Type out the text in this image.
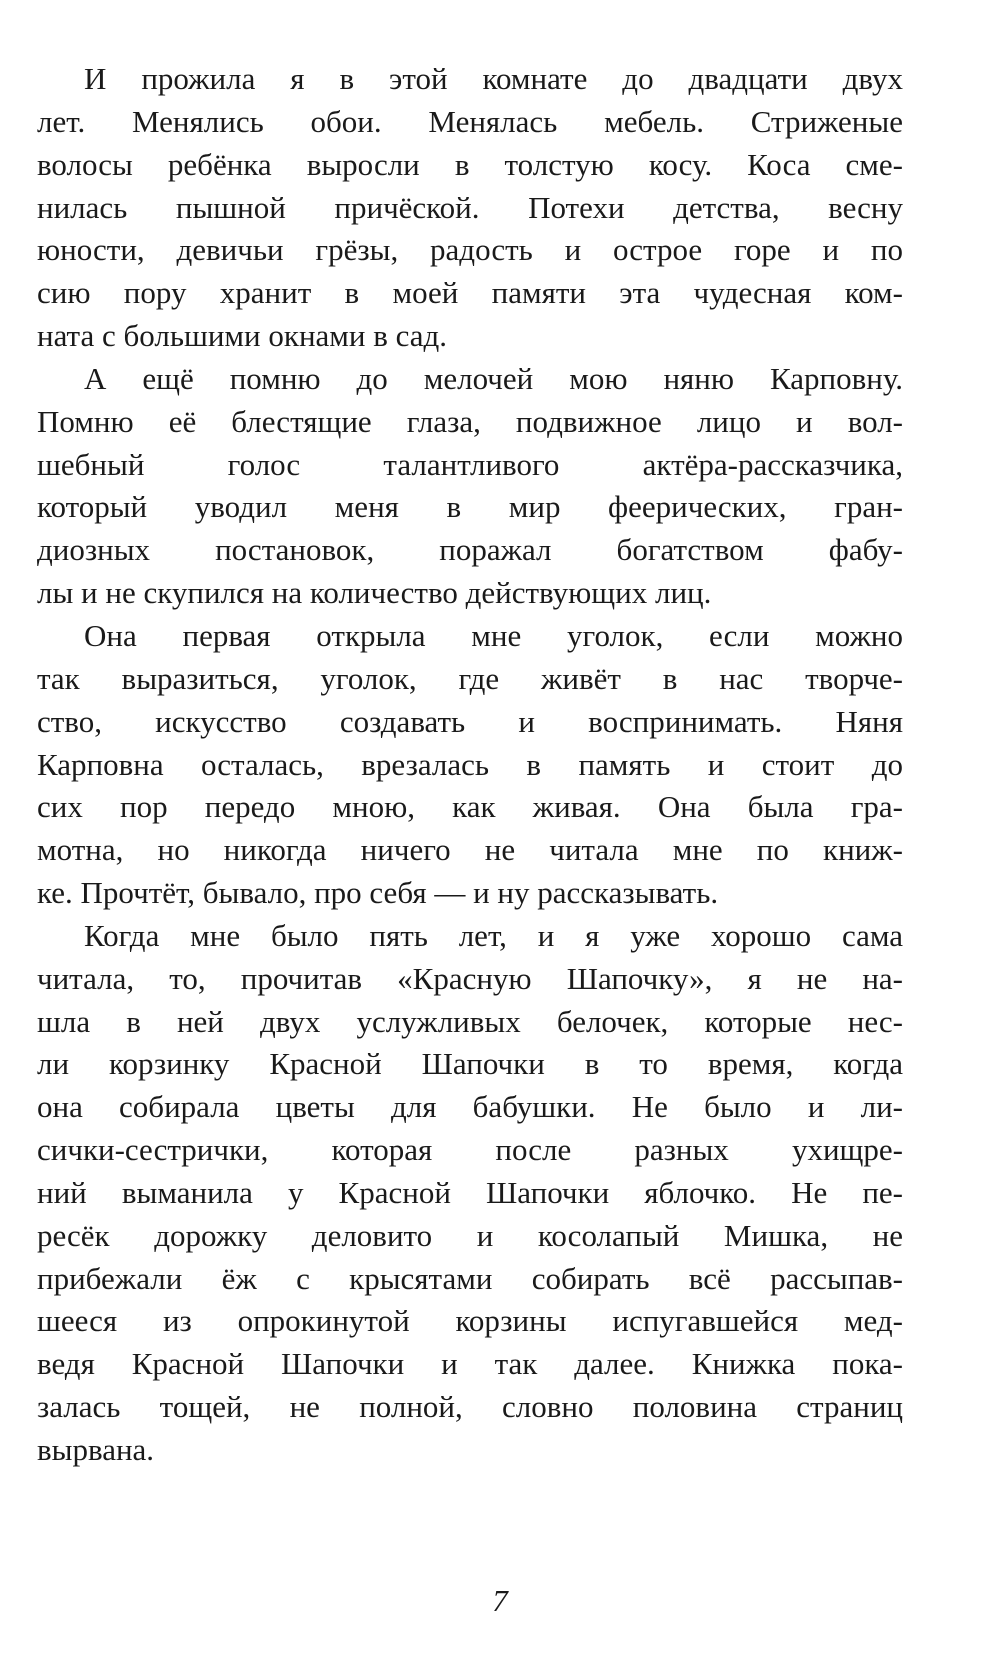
И прожила я в этой комнате до двадцати двух
лет. Менялись обои. Менялась мебель. Стриженые
волосы ребёнка выросли в толстую косу. Коса сме-
нилась пышной причёской. Потехи детства, весну
юности, девичьи грёзы, радость и острое горе и по
сию пору хранит в моей памяти эта чудесная ком-
ната с большими окнами в сад.
А ещё помню до мелочей мою няню Карповну.
Помню её блестящие глаза, подвижное лицо и вол-
шебный голос талантливого актёра-рассказчика,
который уводил меня в мир феерических, гран-
диозных постановок, поражал богатством фабу-
лы и не скупился на количество действующих лиц.
Она первая открыла мне уголок, если можно
так выразиться, уголок, где живёт в нас творче-
ство, искусство создавать и воспринимать. Няня
Карповна осталась, врезалась в память и стоит до
сих пор передо мною, как живая. Она была гра-
мотна, но никогда ничего не читала мне по книж-
ке. Прочтёт, бывало, про себя — и ну рассказывать.
Когда мне было пять лет, и я уже хорошо сама
читала, то, прочитав «Красную Шапочку», я не на-
шла в ней двух услужливых белочек, которые нес-
ли корзинку Красной Шапочки в то время, когда
она собирала цветы для бабушки. Не было и ли-
сички-сестрички, которая после разных ухищре-
ний выманила у Красной Шапочки яблочко. Не пе-
ресёк дорожку деловито и косолапый Мишка, не
прибежали ёж с крысятами собирать всё рассыпав-
шееся из опрокинутой корзины испугавшейся мед-
ведя Красной Шапочки и так далее. Книжка пока-
залась тощей, не полной, словно половина страниц
вырвана.
7
